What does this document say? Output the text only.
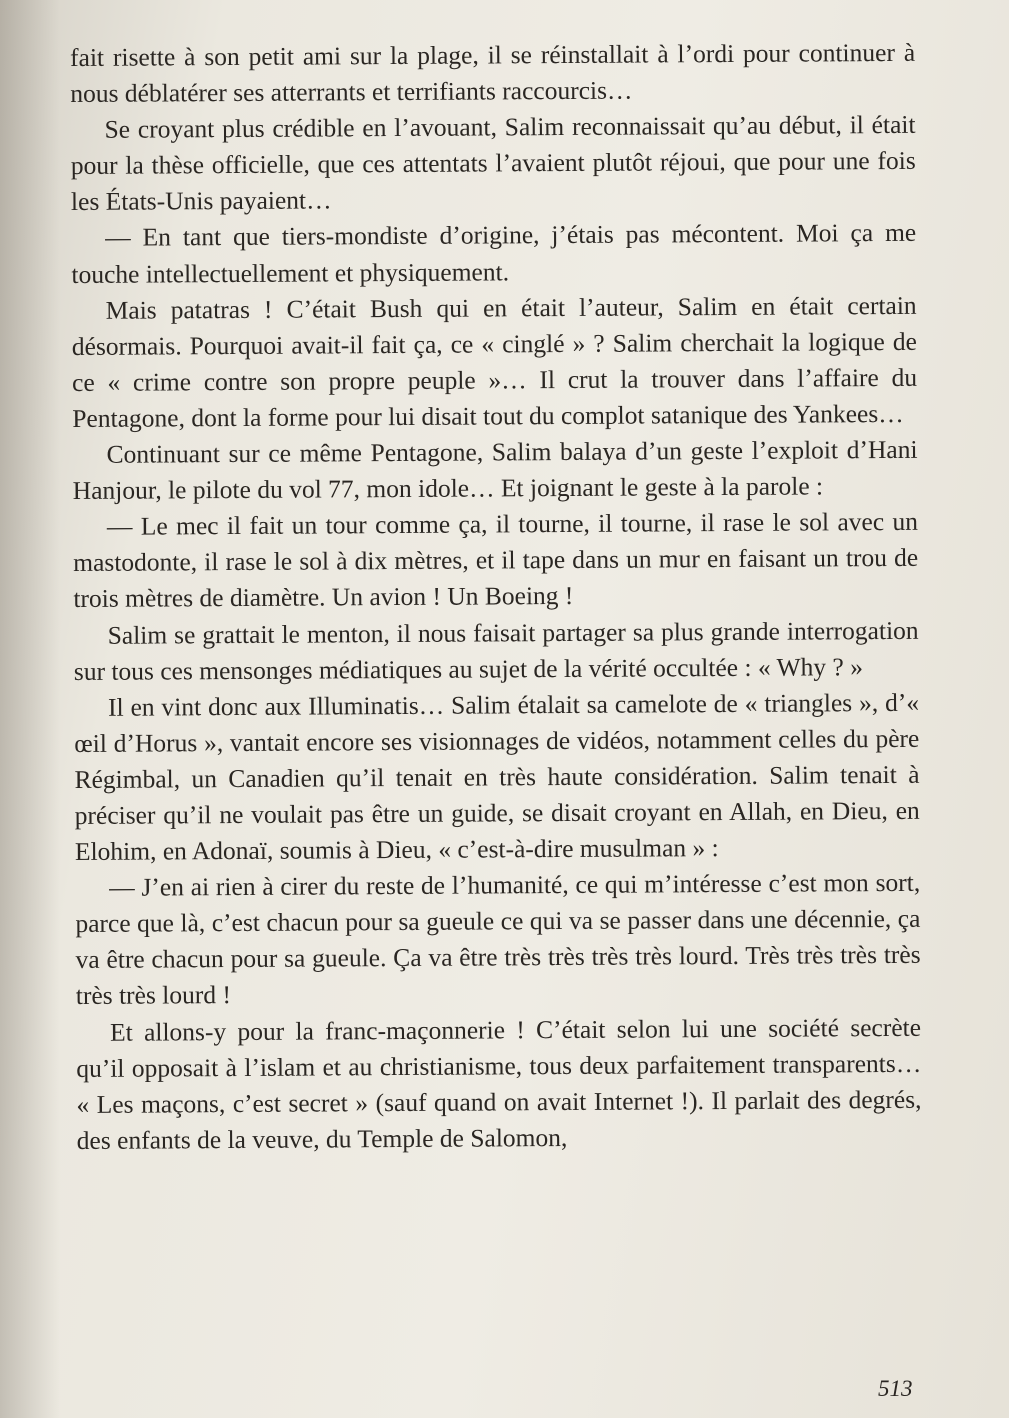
fait risette à son petit ami sur la plage, il se réinstallait à l’ordi pour continuer à nous déblatérer ses atterrants et terrifiants raccourcis…

Se croyant plus crédible en l’avouant, Salim reconnaissait qu’au début, il était pour la thèse officielle, que ces attentats l’avaient plutôt réjoui, que pour une fois les États-Unis payaient…

— En tant que tiers-mondiste d’origine, j’étais pas mécontent. Moi ça me touche intellectuellement et physiquement.

Mais patatras ! C’était Bush qui en était l’auteur, Salim en était certain désormais. Pourquoi avait-il fait ça, ce « cinglé » ? Salim cherchait la logique de ce « crime contre son propre peuple »… Il crut la trouver dans l’affaire du Pentagone, dont la forme pour lui disait tout du complot satanique des Yankees…

Continuant sur ce même Pentagone, Salim balaya d’un geste l’exploit d’Hani Hanjour, le pilote du vol 77, mon idole… Et joignant le geste à la parole :

— Le mec il fait un tour comme ça, il tourne, il tourne, il rase le sol avec un mastodonte, il rase le sol à dix mètres, et il tape dans un mur en faisant un trou de trois mètres de diamètre. Un avion ! Un Boeing !

Salim se grattait le menton, il nous faisait partager sa plus grande interrogation sur tous ces mensonges médiatiques au sujet de la vérité occultée : « Why ? »

Il en vint donc aux Illuminatis… Salim étalait sa camelote de « triangles », d’« œil d’Horus », vantait encore ses visionnages de vidéos, notamment celles du père Régimbal, un Canadien qu’il tenait en très haute considération. Salim tenait à préciser qu’il ne voulait pas être un guide, se disait croyant en Allah, en Dieu, en Elohim, en Adonaï, soumis à Dieu, « c’est-à-dire musulman » :

— J’en ai rien à cirer du reste de l’humanité, ce qui m’intéresse c’est mon sort, parce que là, c’est chacun pour sa gueule ce qui va se passer dans une décennie, ça va être chacun pour sa gueule. Ça va être très très très très lourd. Très très très très très très lourd !

Et allons-y pour la franc-maçonnerie ! C’était selon lui une société secrète qu’il opposait à l’islam et au christianisme, tous deux parfaitement transparents… « Les maçons, c’est secret » (sauf quand on avait Internet !). Il parlait des degrés, des enfants de la veuve, du Temple de Salomon,

513
